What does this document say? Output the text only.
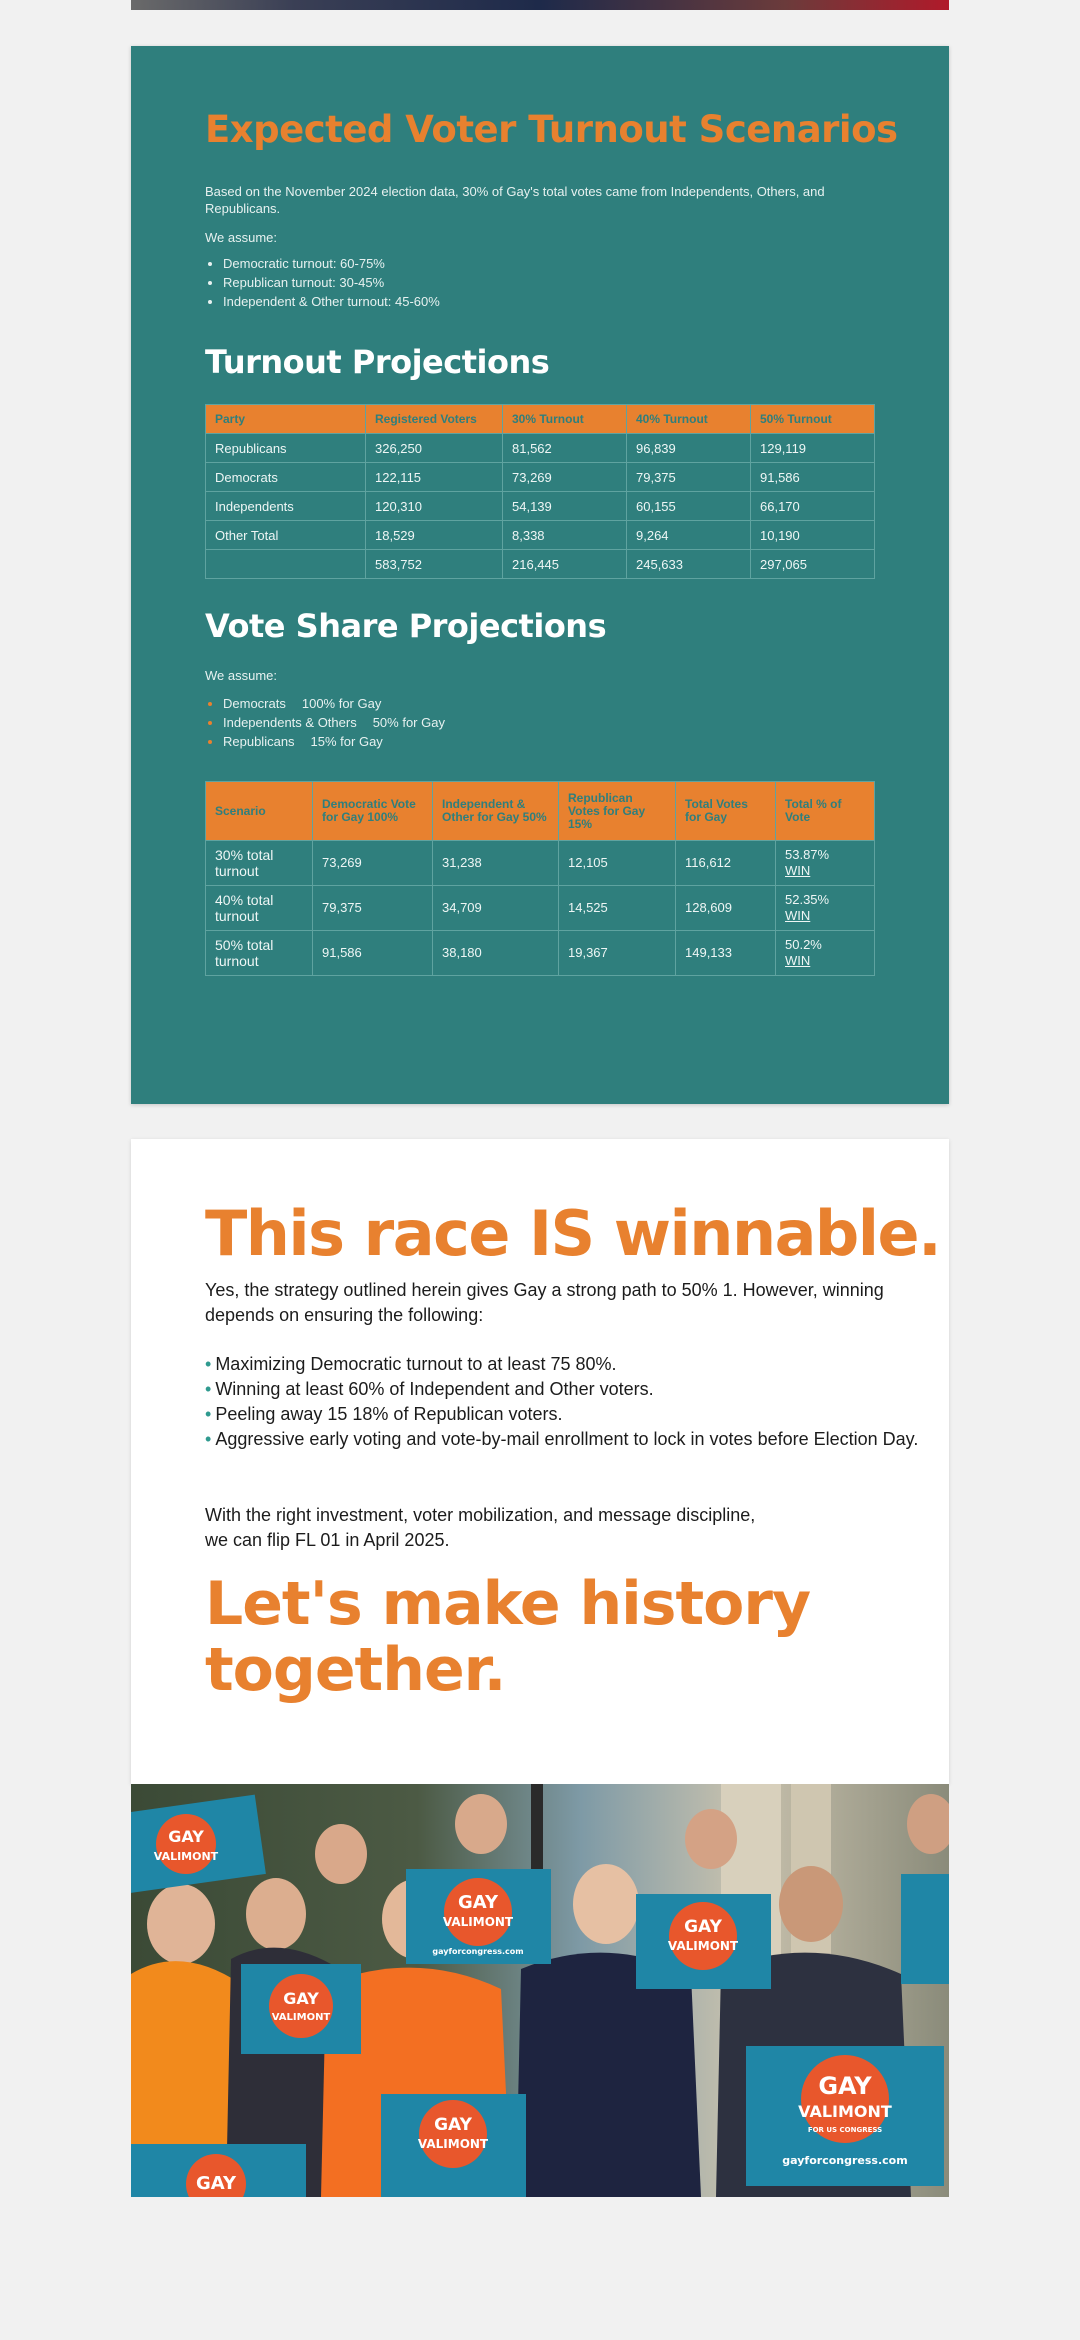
Expected Voter Turnout Scenarios

Based on the November 2024 election data, 30% of Gay's total votes came from Independents, Others, and Republicans.

We assume:

• Democratic turnout: 60-75%
• Republican turnout: 30-45%
• Independent & Other turnout: 45-60%
Turnout Projections
Party	Registered Voters	30% Turnout	40% Turnout	50% Turnout
Republicans	326,250	81,562	96,839	129,119
Democrats	122,115	73,269	79,375	91,586
Independents	120,310	54,139	60,155	66,170
Other Total	18,529	8,338	9,264	10,190
	583,752	216,445	245,633	297,065
Vote Share Projections

We assume:

• Democrats 100% for Gay
• Independents & Others 50% for Gay
• Republicans 15% for Gay
Scenario	Democratic Vote for Gay 100%	Independent & Other for Gay 50%	Republican Votes for Gay 15%	Total Votes for Gay	Total % of Vote
30% total turnout	73,269	31,238	12,105	116,612	53.87%
WIN
40% total turnout	79,375	34,709	14,525	128,609	52.35%
WIN
50% total turnout	91,586	38,180	19,367	149,133	50.2%
WIN
This race IS winnable.

Yes, the strategy outlined herein gives Gay a strong path to 50% 1. However, winning depends on ensuring the following:

• Maximizing Democratic turnout to at least 75 80%.
• Winning at least 60% of Independent and Other voters.
• Peeling away 15 18% of Republican voters.
• Aggressive early voting and vote-by-mail enrollment to lock in votes before Election Day.

With the right investment, voter mobilization, and message discipline,
we can flip FL 01 in April 2025.

Let's make history
together.
GAY
VALIMONT
GAY
VALIMONT
gayforcongress.com
GAY
VALIMONT
GAY
VALIMONT
GAY
VALIMONT
GAY
VALIMONT
FOR US CONGRESS
gayforcongress.com
GAY
